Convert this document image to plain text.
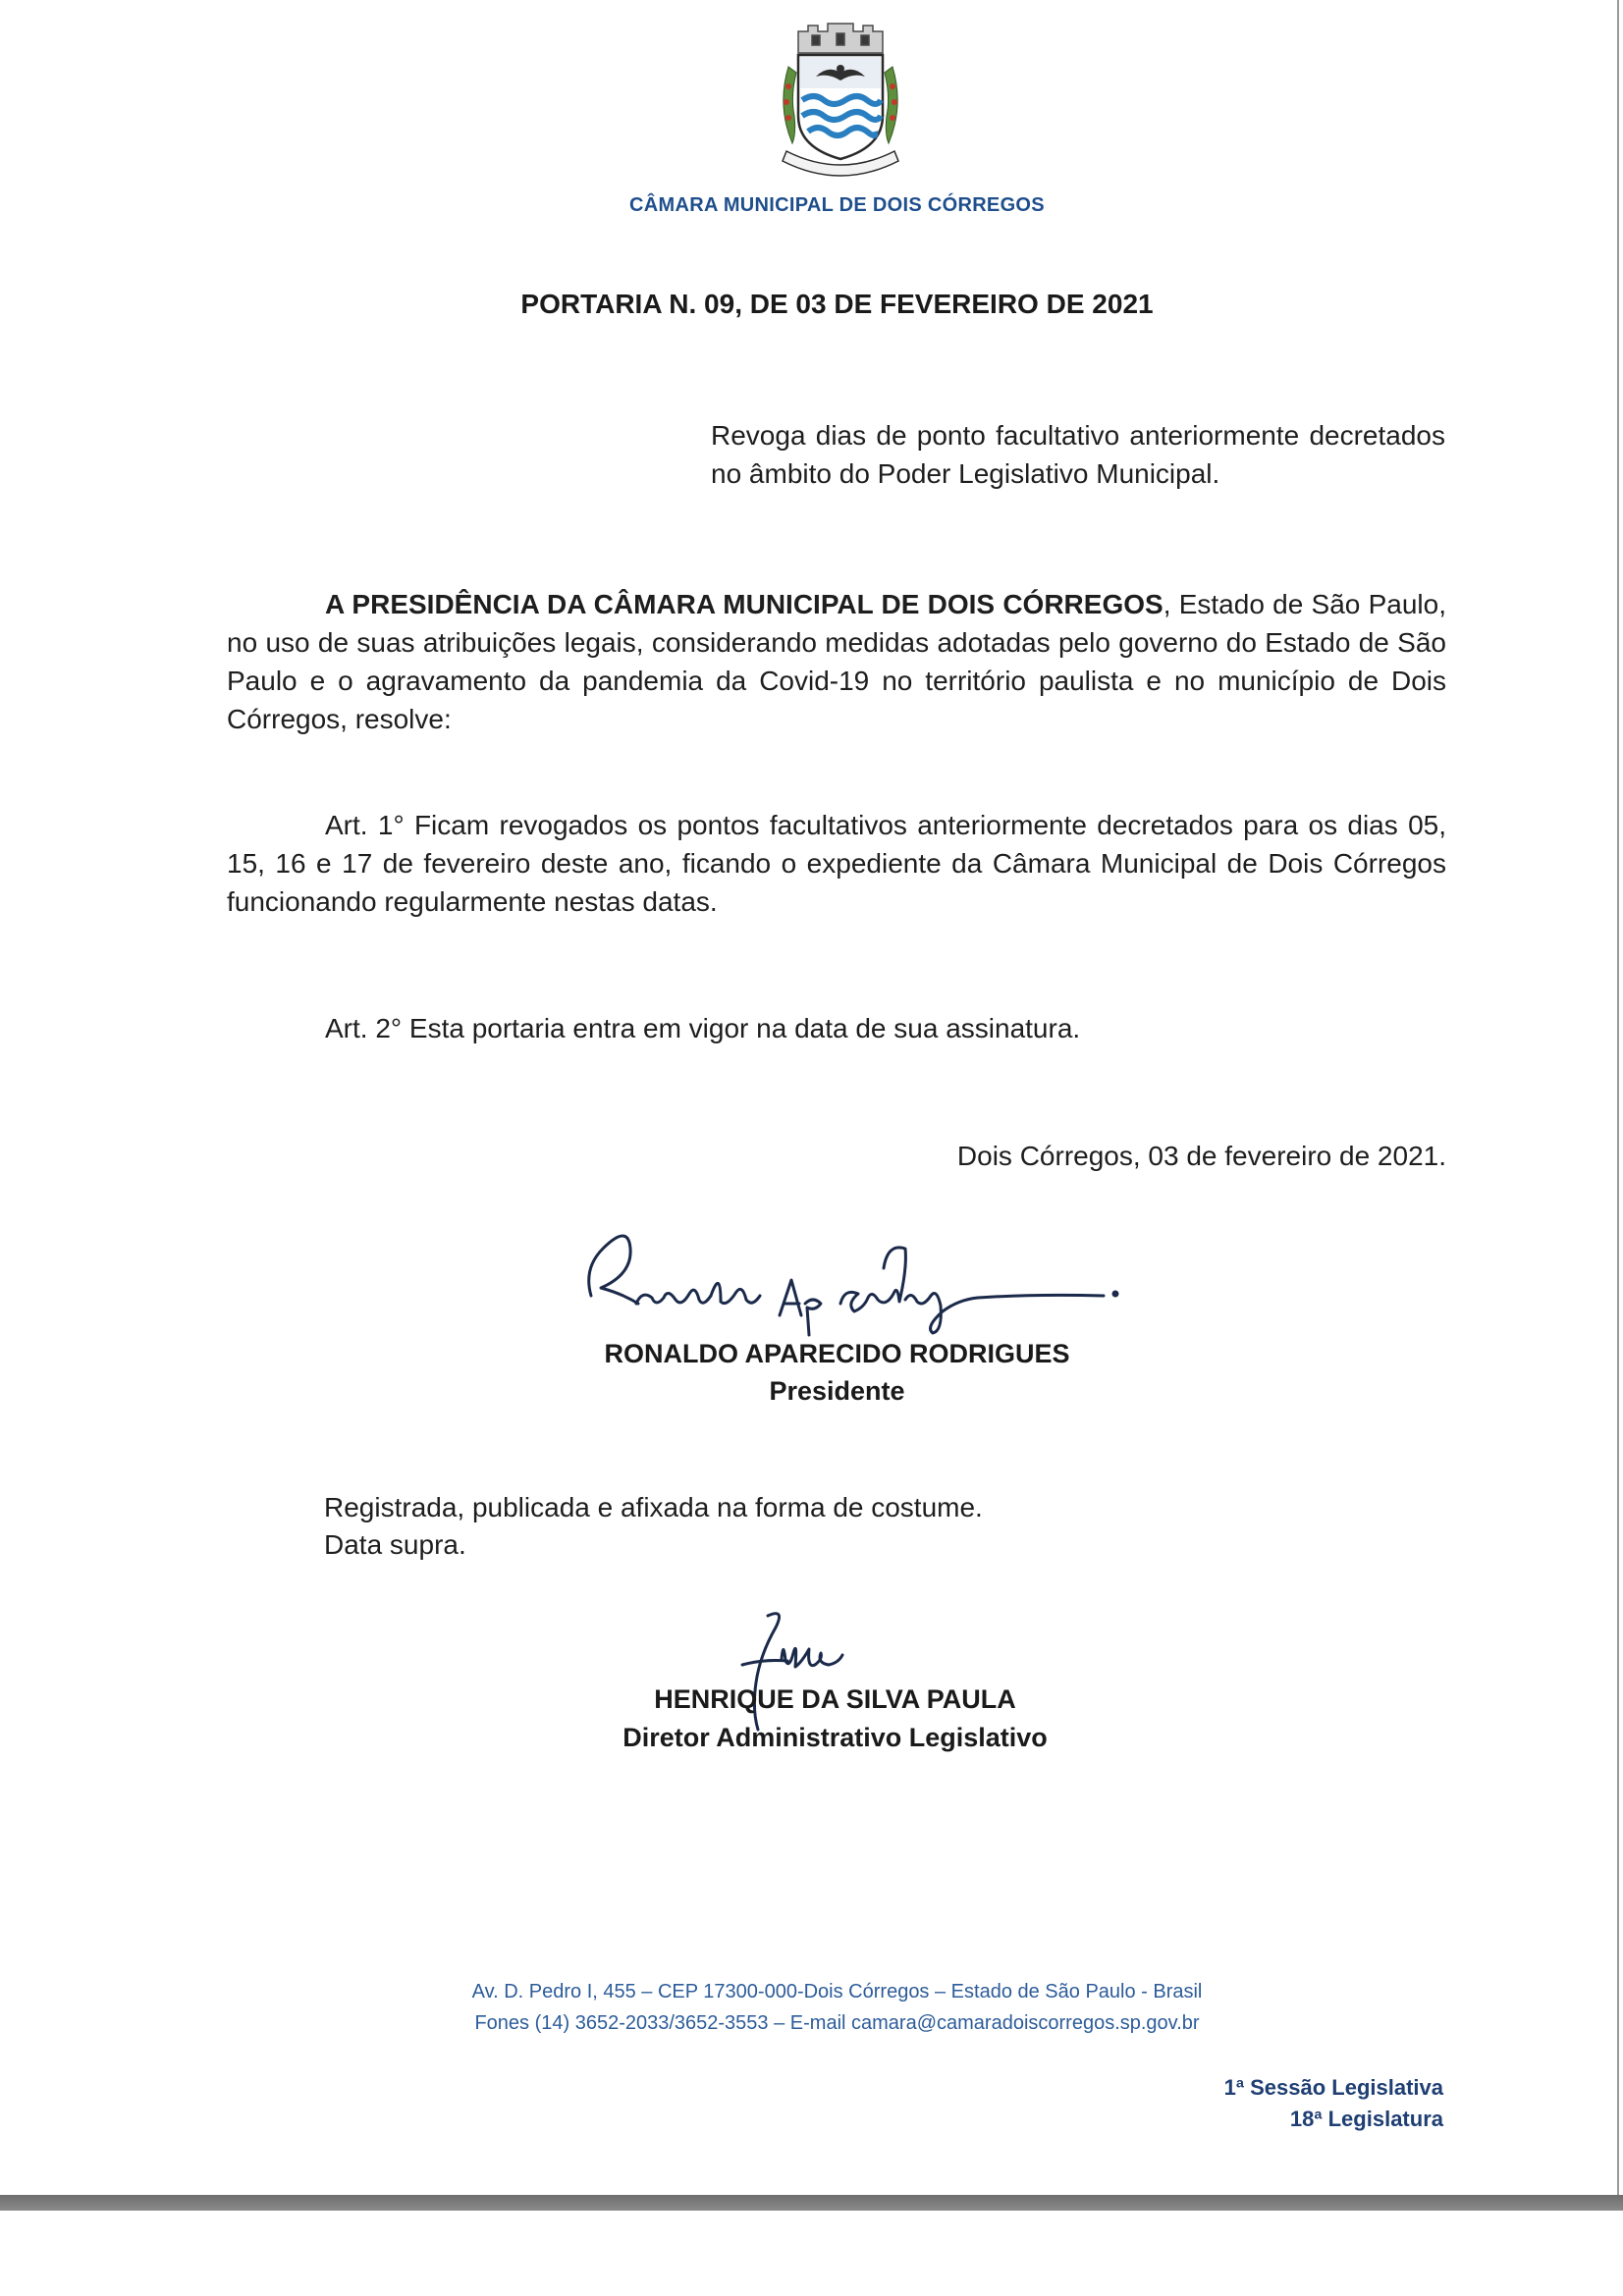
CÂMARA MUNICIPAL DE DOIS CÓRREGOS
PORTARIA N. 09, DE 03 DE FEVEREIRO DE 2021
Revoga dias de ponto facultativo anteriormente decretados no âmbito do Poder Legislativo Municipal.
A PRESIDÊNCIA DA CÂMARA MUNICIPAL DE DOIS CÓRREGOS, Estado de São Paulo, no uso de suas atribuições legais, considerando medidas adotadas pelo governo do Estado de São Paulo e o agravamento da pandemia da Covid-19 no território paulista e no município de Dois Córregos, resolve:
Art. 1° Ficam revogados os pontos facultativos anteriormente decretados para os dias 05, 15, 16 e 17 de fevereiro deste ano, ficando o expediente da Câmara Municipal de Dois Córregos funcionando regularmente nestas datas.
Art. 2° Esta portaria entra em vigor na data de sua assinatura.
Dois Córregos, 03 de fevereiro de 2021.
RONALDO APARECIDO RODRIGUES
Presidente
Registrada, publicada e afixada na forma de costume.
Data supra.
HENRIQUE DA SILVA PAULA
Diretor Administrativo Legislativo
Av. D. Pedro I, 455 – CEP 17300-000-Dois Córregos – Estado de São Paulo - Brasil
Fones (14) 3652-2033/3652-3553 – E-mail camara@camaradoiscorregos.sp.gov.br
1ª Sessão Legislativa
18ª Legislatura
